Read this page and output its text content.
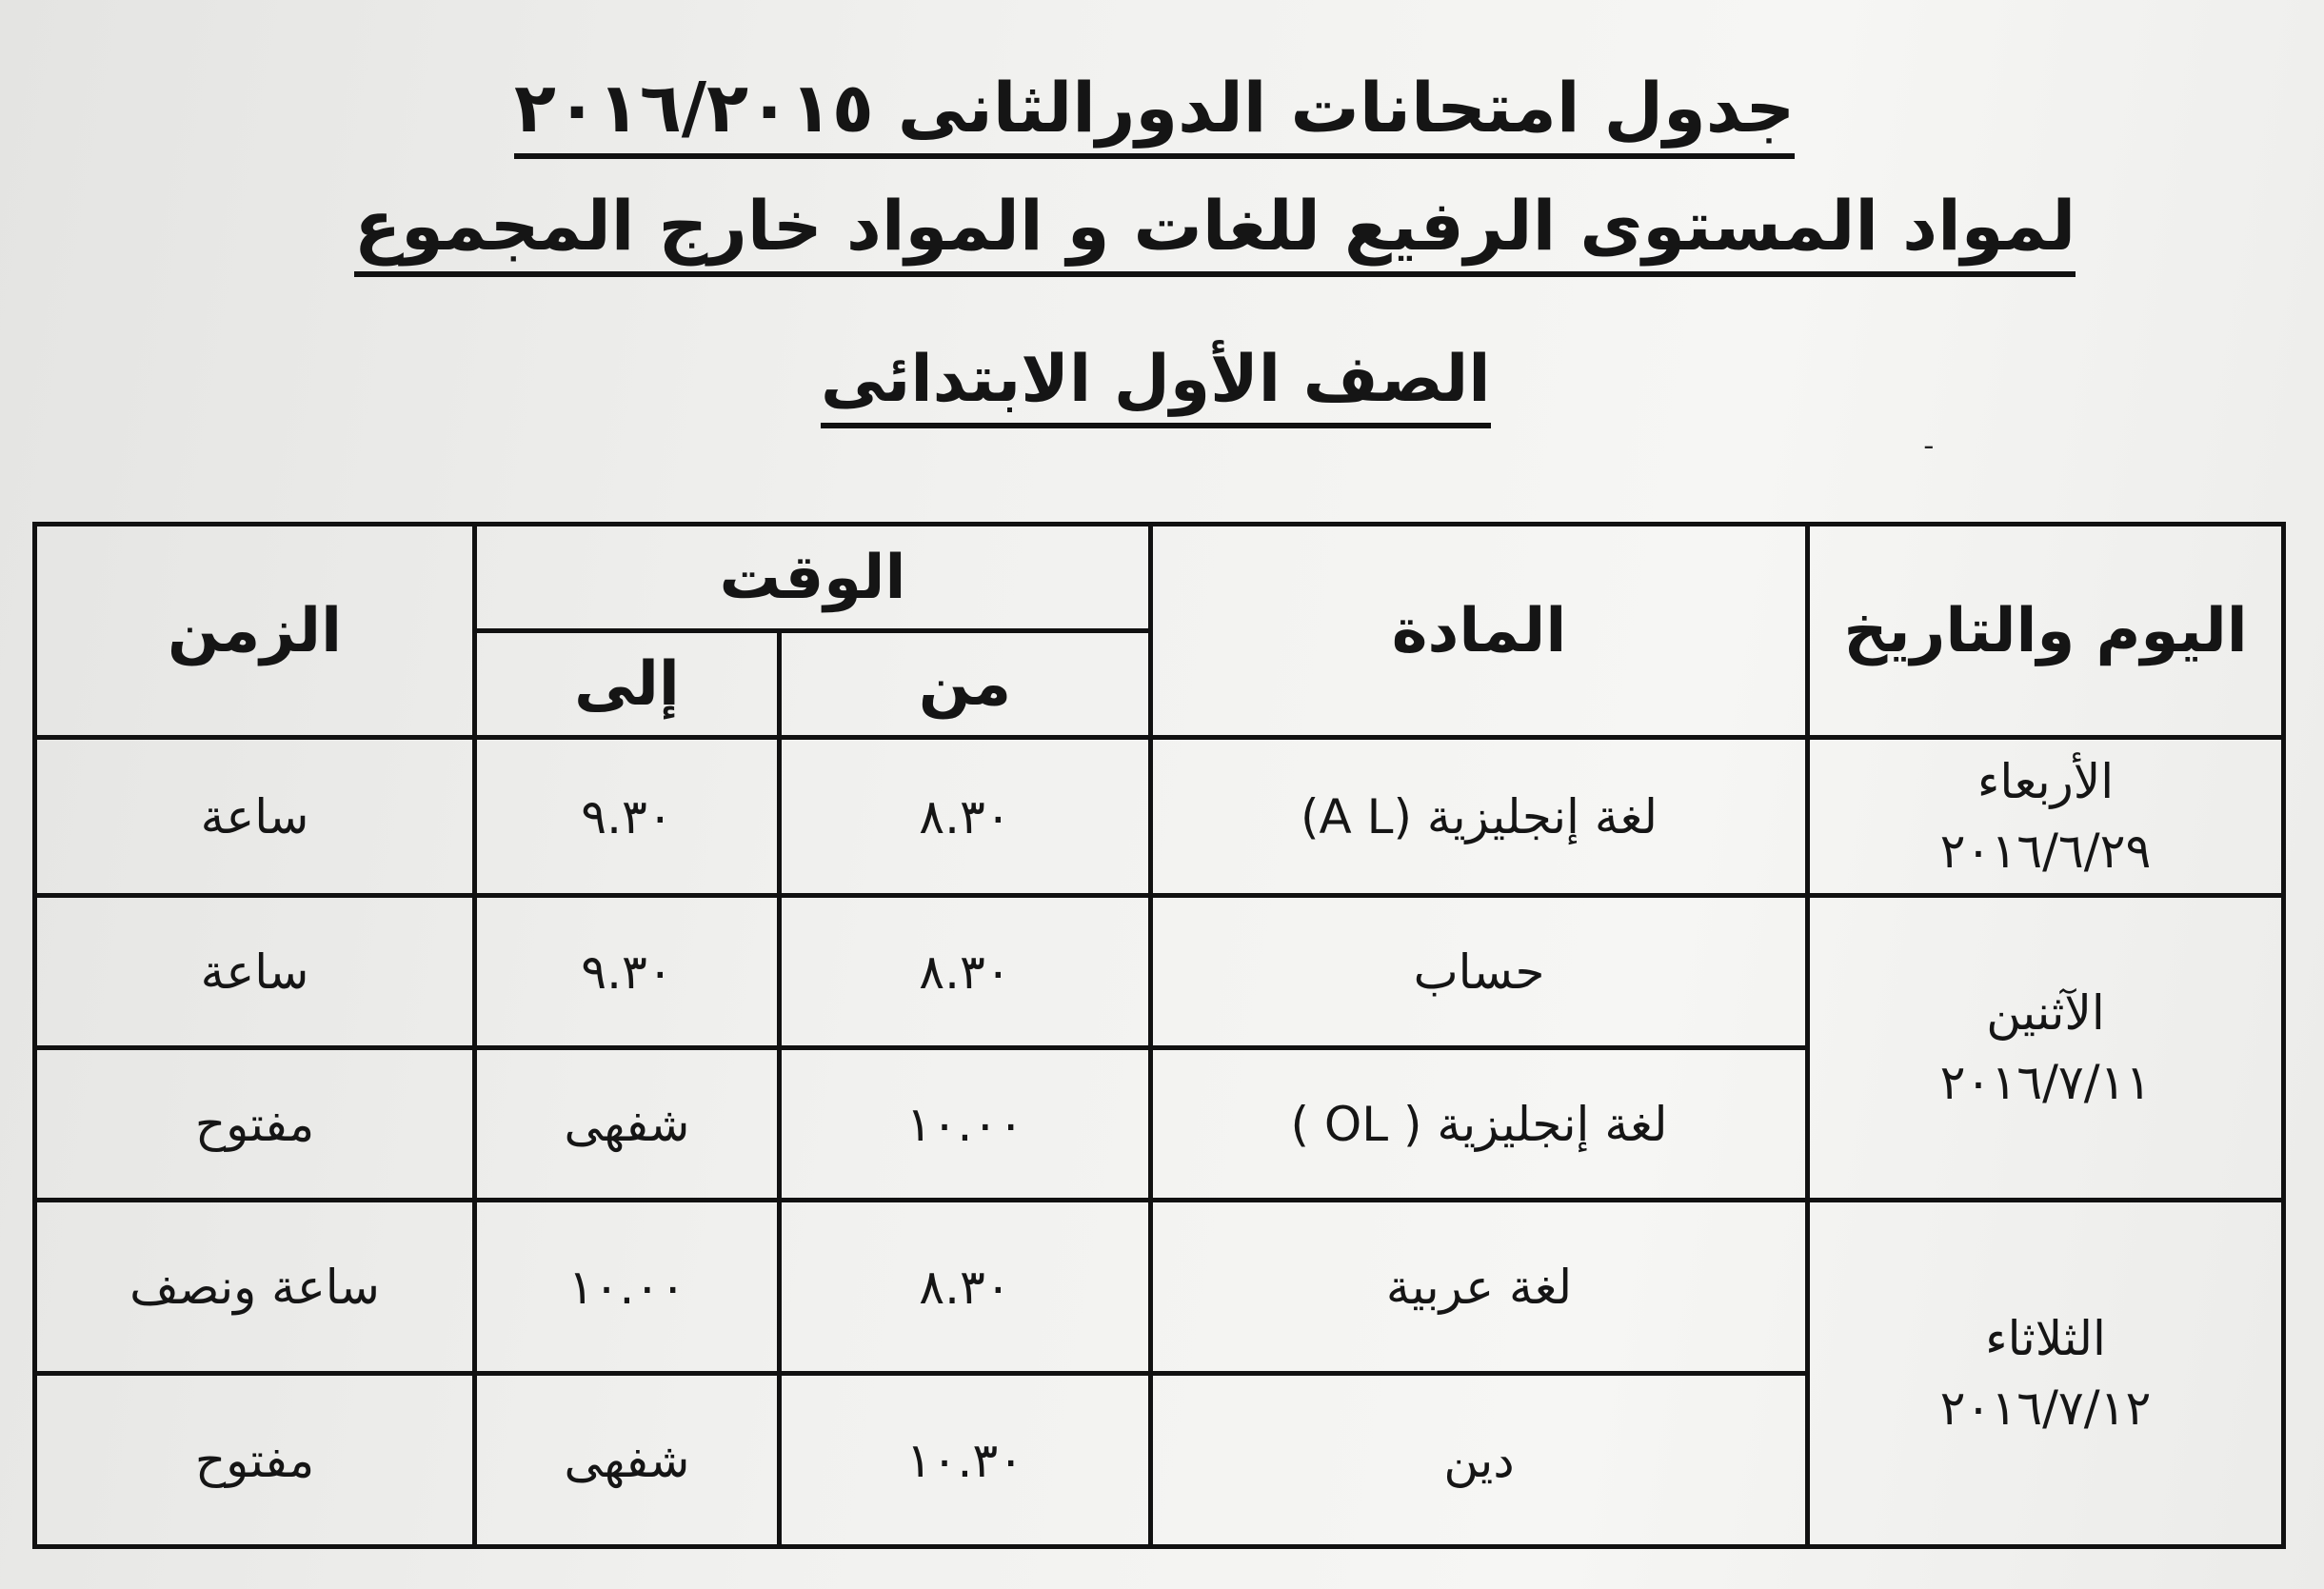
جدول امتحانات الدورالثانى ٢٠١٦/٢٠١٥
لمواد المستوى الرفيع للغات و المواد خارج المجموع
الصف الأول الابتدائى
ـ
اليوم والتاريخ	المادة	الوقت		الزمن
		من	إلى	

الأربعاء
٢٠١٦/٦/٢٩	لغة إنجليزية (A L)	٨.٣٠	٩.٣٠	ساعة

الآثنين
٢٠١٦/٧/١١	حساب	٨.٣٠	٩.٣٠	ساعة
	لغة إنجليزية ( OL )	١٠.٠٠	شفهى	مفتوح

الثلاثاء
٢٠١٦/٧/١٢	لغة عربية	٨.٣٠	١٠.٠٠	ساعة ونصف
	دين	١٠.٣٠	شفهى	مفتوح
